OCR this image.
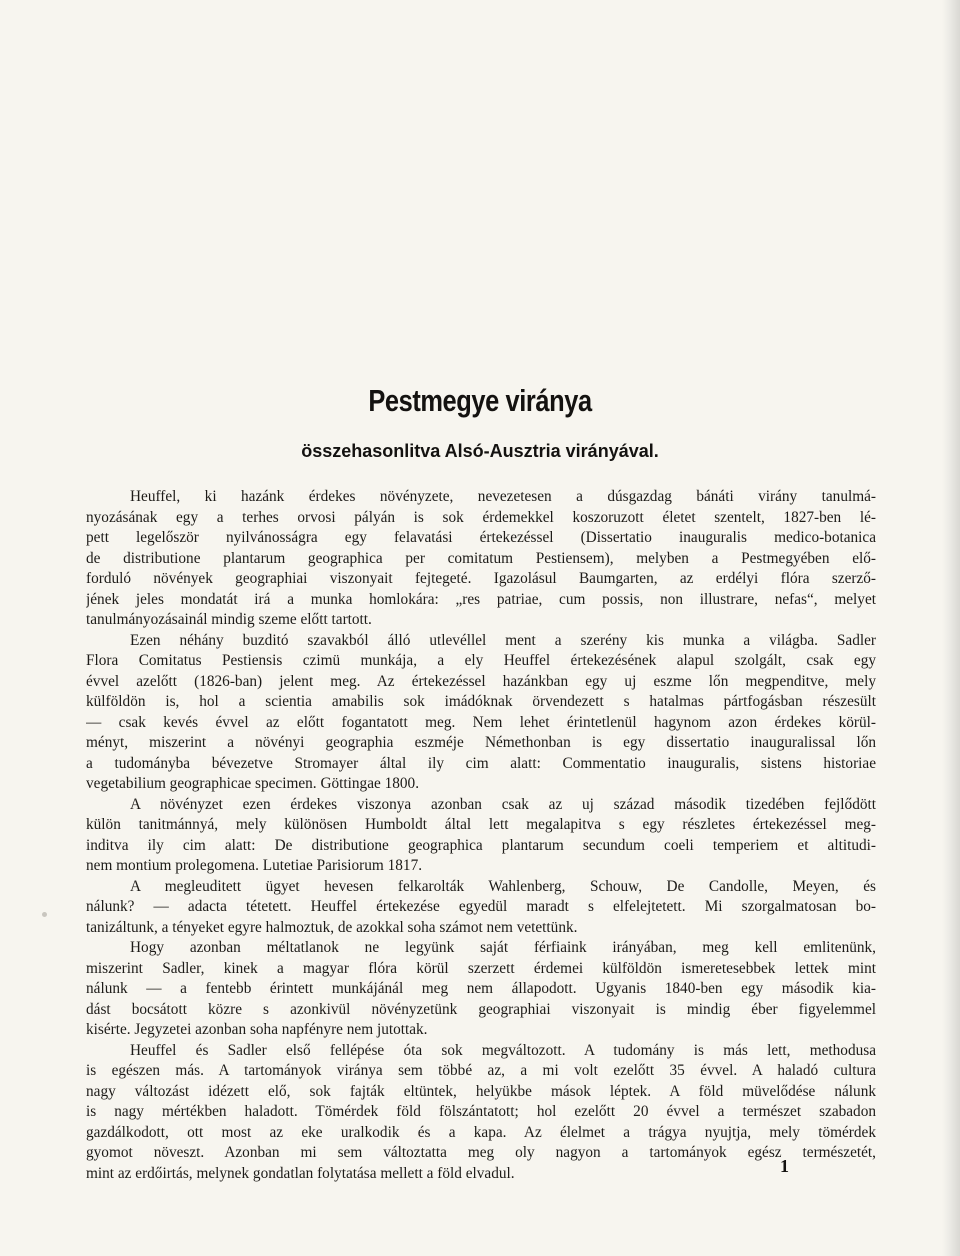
Pestmegye viránya
összehasonlitva Alsó-Ausztria virányával.
Heuffel, ki hazánk érdekes növényzete, nevezetesen a dúsgazdag bánáti virány tanulmá-
nyozásának egy a terhes orvosi pályán is sok érdemekkel koszoruzott életet szentelt, 1827-ben lé-
pett legelőször nyilvánosságra egy felavatási értekezéssel (Dissertatio inauguralis medico-botanica
de distributione plantarum geographica per comitatum Pestiensem), melyben a Pestmegyében elő-
forduló növények geographiai viszonyait fejtegeté. Igazolásul Baumgarten, az erdélyi flóra szerző-
jének jeles mondatát irá a munka homlokára: „res patriae, cum possis, non illustrare, nefas“, melyet
tanulmányozásainál mindig szeme előtt tartott.
Ezen néhány buzditó szavakból álló utlevéllel ment a szerény kis munka a világba. Sadler
Flora Comitatus Pestiensis czimü munkája, a ely Heuffel értekezésének alapul szolgált, csak egy
évvel azelőtt (1826-ban) jelent meg. Az értekezéssel hazánkban egy uj eszme lőn megpenditve, mely
külföldön is, hol a scientia amabilis sok imádóknak örvendezett s hatalmas pártfogásban részesült
— csak kevés évvel az előtt fogantatott meg. Nem lehet érintetlenül hagynom azon érdekes körül-
ményt, miszerint a növényi geographia eszméje Némethonban is egy dissertatio inauguralissal lőn
a tudományba bévezetve Stromayer által ily cim alatt: Commentatio inauguralis, sistens historiae
vegetabilium geographicae specimen. Göttingae 1800.
A növényzet ezen érdekes viszonya azonban csak az uj század második tizedében fejlődött
külön tanitmánnyá, mely különösen Humboldt által lett megalapitva s egy részletes értekezéssel meg-
inditva ily cim alatt: De distributione geographica plantarum secundum coeli temperiem et altitudi-
nem montium prolegomena. Lutetiae Parisiorum 1817.
A megleuditett ügyet hevesen felkarolták Wahlenberg, Schouw, De Candolle, Meyen, és
nálunk? — adacta tétetett. Heuffel értekezése egyedül maradt s elfelejtetett. Mi szorgalmatosan bo-
tanizáltunk, a tényeket egyre halmoztuk, de azokkal soha számot nem vetettünk.
Hogy azonban méltatlanok ne legyünk saját férfiaink irányában, meg kell emlitenünk,
miszerint Sadler, kinek a magyar flóra körül szerzett érdemei külföldön ismeretesebbek lettek mint
nálunk — a fentebb érintett munkájánál meg nem állapodott. Ugyanis 1840-ben egy második kia-
dást bocsátott közre s azonkivül növényzetünk geographiai viszonyait is mindig éber figyelemmel
kisérte. Jegyzetei azonban soha napfényre nem jutottak.
Heuffel és Sadler első fellépése óta sok megváltozott. A tudomány is más lett, methodusa
is egészen más. A tartományok viránya sem többé az, a mi volt ezelőtt 35 évvel. A haladó cultura
nagy változást idézett elő, sok fajták eltüntek, helyükbe mások léptek. A föld müvelődése nálunk
is nagy mértékben haladott. Tömérdek föld fölszántatott; hol ezelőtt 20 évvel a természet szabadon
gazdálkodott, ott most az eke uralkodik és a kapa. Az élelmet a trágya nyujtja, mely tömérdek
gyomot növeszt. Azonban mi sem változtatta meg oly nagyon a tartományok egész természetét,
mint az erdőirtás, melynek gondatlan folytatása mellett a föld elvadul.	1
